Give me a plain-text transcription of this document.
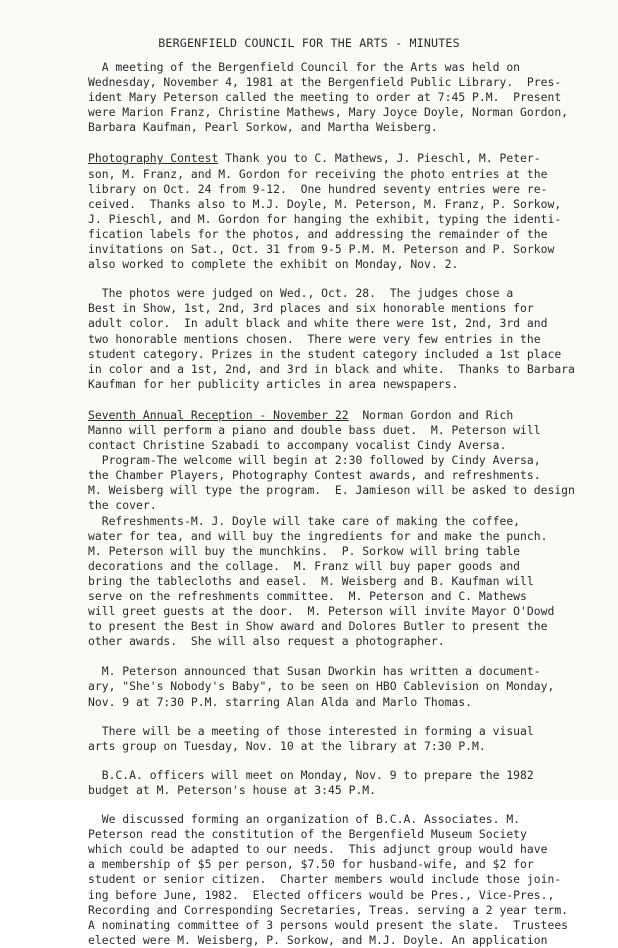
BERGENFIELD COUNCIL FOR THE ARTS - MINUTES
A meeting of the Bergenfield Council for the Arts was held on
Wednesday, November 4, 1981 at the Bergenfield Public Library.  Pres-
ident Mary Peterson called the meeting to order at 7:45 P.M.  Present
were Marion Franz, Christine Mathews, Mary Joyce Doyle, Norman Gordon,
Barbara Kaufman, Pearl Sorkow, and Martha Weisberg.
Photography Contest Thank you to C. Mathews, J. Pieschl, M. Peter-
son, M. Franz, and M. Gordon for receiving the photo entries at the
library on Oct. 24 from 9-12.  One hundred seventy entries were re-
ceived.  Thanks also to M.J. Doyle, M. Peterson, M. Franz, P. Sorkow,
J. Pieschl, and M. Gordon for hanging the exhibit, typing the identi-
fication labels for the photos, and addressing the remainder of the
invitations on Sat., Oct. 31 from 9-5 P.M. M. Peterson and P. Sorkow
also worked to complete the exhibit on Monday, Nov. 2.
The photos were judged on Wed., Oct. 28.  The judges chose a
Best in Show, 1st, 2nd, 3rd places and six honorable mentions for
adult color.  In adult black and white there were 1st, 2nd, 3rd and
two honorable mentions chosen.  There were very few entries in the
student category. Prizes in the student category included a 1st place
in color and a 1st, 2nd, and 3rd in black and white.  Thanks to Barbara
Kaufman for her publicity articles in area newspapers.
Seventh Annual Reception - November 22  Norman Gordon and Rich
Manno will perform a piano and double bass duet.  M. Peterson will
contact Christine Szabadi to accompany vocalist Cindy Aversa.
Program-The welcome will begin at 2:30 followed by Cindy Aversa,
the Chamber Players, Photography Contest awards, and refreshments.
M. Weisberg will type the program.  E. Jamieson will be asked to design
the cover.
Refreshments-M. J. Doyle will take care of making the coffee,
water for tea, and will buy the ingredients for and make the punch.
M. Peterson will buy the munchkins.  P. Sorkow will bring table
decorations and the collage.  M. Franz will buy paper goods and
bring the tablecloths and easel.  M. Weisberg and B. Kaufman will
serve on the refreshments committee.  M. Peterson and C. Mathews
will greet guests at the door.  M. Peterson will invite Mayor O'Dowd
to present the Best in Show award and Dolores Butler to present the
other awards.  She will also request a photographer.
M. Peterson announced that Susan Dworkin has written a document-
ary, "She's Nobody's Baby", to be seen on HBO Cablevision on Monday,
Nov. 9 at 7:30 P.M. starring Alan Alda and Marlo Thomas.
There will be a meeting of those interested in forming a visual
arts group on Tuesday, Nov. 10 at the library at 7:30 P.M.
B.C.A. officers will meet on Monday, Nov. 9 to prepare the 1982
budget at M. Peterson's house at 3:45 P.M.
We discussed forming an organization of B.C.A. Associates. M.
Peterson read the constitution of the Bergenfield Museum Society
which could be adapted to our needs.  This adjunct group would have
a membership of $5 per person, $7.50 for husband-wife, and $2 for
student or senior citizen.  Charter members would include those join-
ing before June, 1982.  Elected officers would be Pres., Vice-Pres.,
Recording and Corresponding Secretaries, Treas. serving a 2 year term.
A nominating committee of 3 persons would present the slate.  Trustees
elected were M. Weisberg, P. Sorkow, and M.J. Doyle. An application
